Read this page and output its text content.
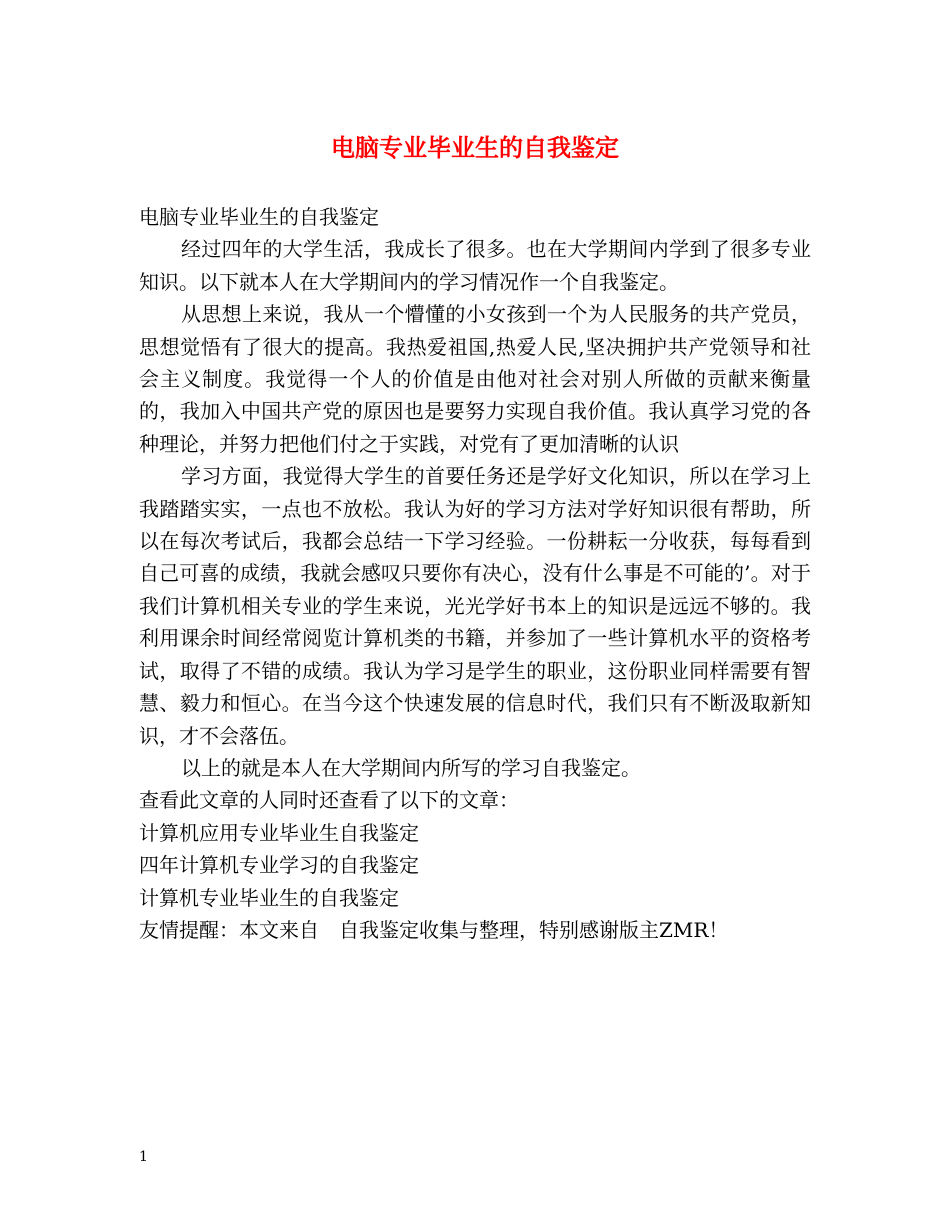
电脑专业毕业生的自我鉴定

电脑专业毕业生的自我鉴定

经过四年的大学生活，我成长了很多。也在大学期间内学到了很多专业知识。以下就本人在大学期间内的学习情况作一个自我鉴定。

从思想上来说，我从一个懵懂的小女孩到一个为人民服务的共产党员，思想觉悟有了很大的提高。我热爱祖国,热爱人民,坚决拥护共产党领导和社会主义制度。我觉得一个人的价值是由他对社会对别人所做的贡献来衡量的，我加入中国共产党的原因也是要努力实现自我价值。我认真学习党的各种理论，并努力把他们付之于实践，对党有了更加清晰的认识

学习方面，我觉得大学生的首要任务还是学好文化知识，所以在学习上我踏踏实实，一点也不放松。我认为好的学习方法对学好知识很有帮助，所以在每次考试后，我都会总结一下学习经验。一份耕耘一分收获，每每看到自己可喜的成绩，我就会感叹只要你有决心，没有什么事是不可能的’。对于我们计算机相关专业的学生来说，光光学好书本上的知识是远远不够的。我利用课余时间经常阅览计算机类的书籍，并参加了一些计算机水平的资格考试，取得了不错的成绩。我认为学习是学生的职业，这份职业同样需要有智慧、毅力和恒心。在当今这个快速发展的信息时代，我们只有不断汲取新知识，才不会落伍。

以上的就是本人在大学期间内所写的学习自我鉴定。

查看此文章的人同时还查看了以下的文章：

计算机应用专业毕业生自我鉴定

四年计算机专业学习的自我鉴定

计算机专业毕业生的自我鉴定

友情提醒：本文来自　自我鉴定收集与整理，特别感谢版主ZMR！

1
